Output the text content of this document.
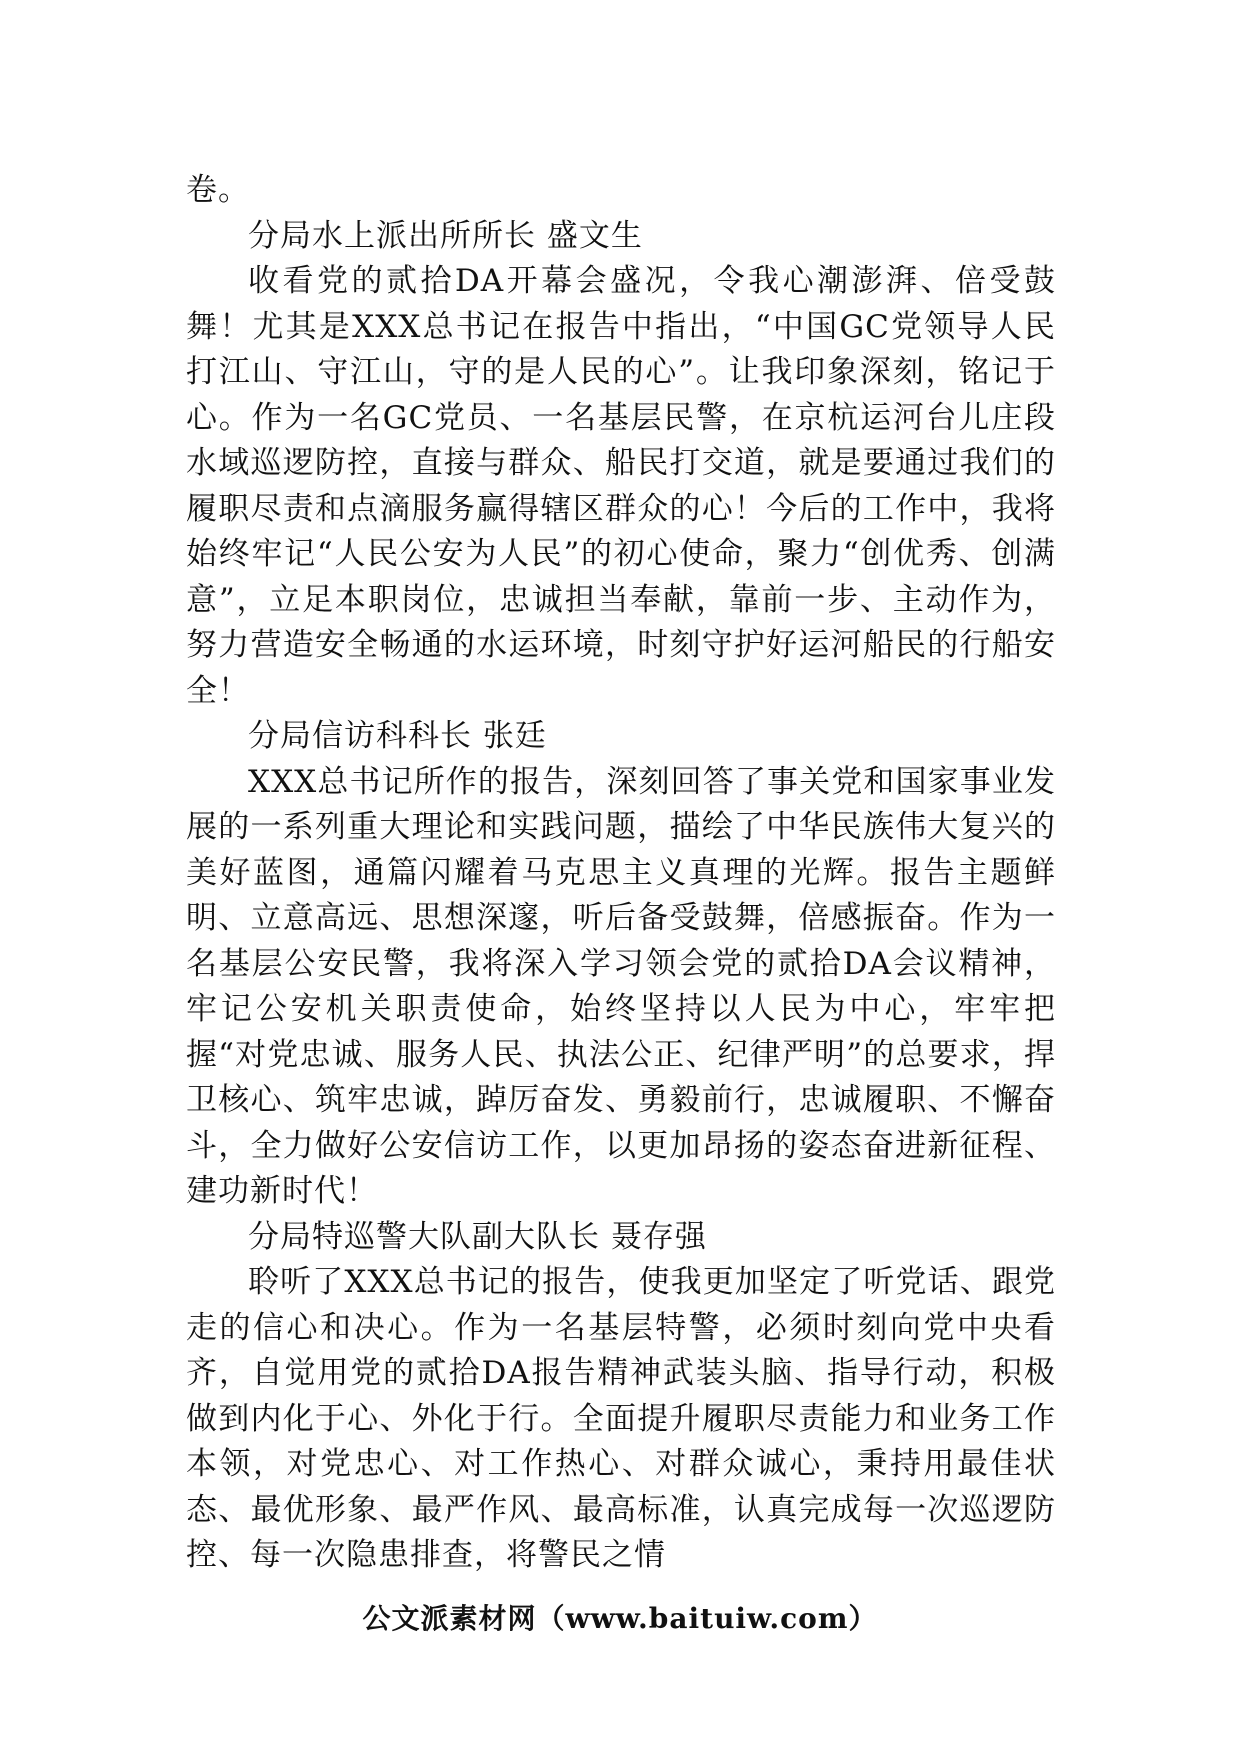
卷。

分局水上派出所所长 盛文生

收看党的贰拾DA开幕会盛况，令我心潮澎湃、倍受鼓舞！尤其是XXX总书记在报告中指出，“中国GC党领导人民打江山、守江山，守的是人民的心”。让我印象深刻，铭记于心。作为一名GC党员、一名基层民警，在京杭运河台儿庄段水域巡逻防控，直接与群众、船民打交道，就是要通过我们的履职尽责和点滴服务赢得辖区群众的心！今后的工作中，我将始终牢记“人民公安为人民”的初心使命，聚力“创优秀、创满意”，立足本职岗位，忠诚担当奉献，靠前一步、主动作为，努力营造安全畅通的水运环境，时刻守护好运河船民的行船安全！

分局信访科科长 张廷

XXX总书记所作的报告，深刻回答了事关党和国家事业发展的一系列重大理论和实践问题，描绘了中华民族伟大复兴的美好蓝图，通篇闪耀着马克思主义真理的光辉。报告主题鲜明、立意高远、思想深邃，听后备受鼓舞，倍感振奋。作为一名基层公安民警，我将深入学习领会党的贰拾DA会议精神，牢记公安机关职责使命，始终坚持以人民为中心，牢牢把握“对党忠诚、服务人民、执法公正、纪律严明”的总要求，捍卫核心、筑牢忠诚，踔厉奋发、勇毅前行，忠诚履职、不懈奋斗，全力做好公安信访工作，以更加昂扬的姿态奋进新征程、建功新时代！

分局特巡警大队副大队长 聂存强

聆听了XXX总书记的报告，使我更加坚定了听党话、跟党走的信心和决心。作为一名基层特警，必须时刻向党中央看齐，自觉用党的贰拾DA报告精神武装头脑、指导行动，积极做到内化于心、外化于行。全面提升履职尽责能力和业务工作本领，对党忠心、对工作热心、对群众诚心，秉持用最佳状态、最优形象、最严作风、最高标准，认真完成每一次巡逻防控、每一次隐患排查，将警民之情

公文派素材网（www.baituiw.com）
